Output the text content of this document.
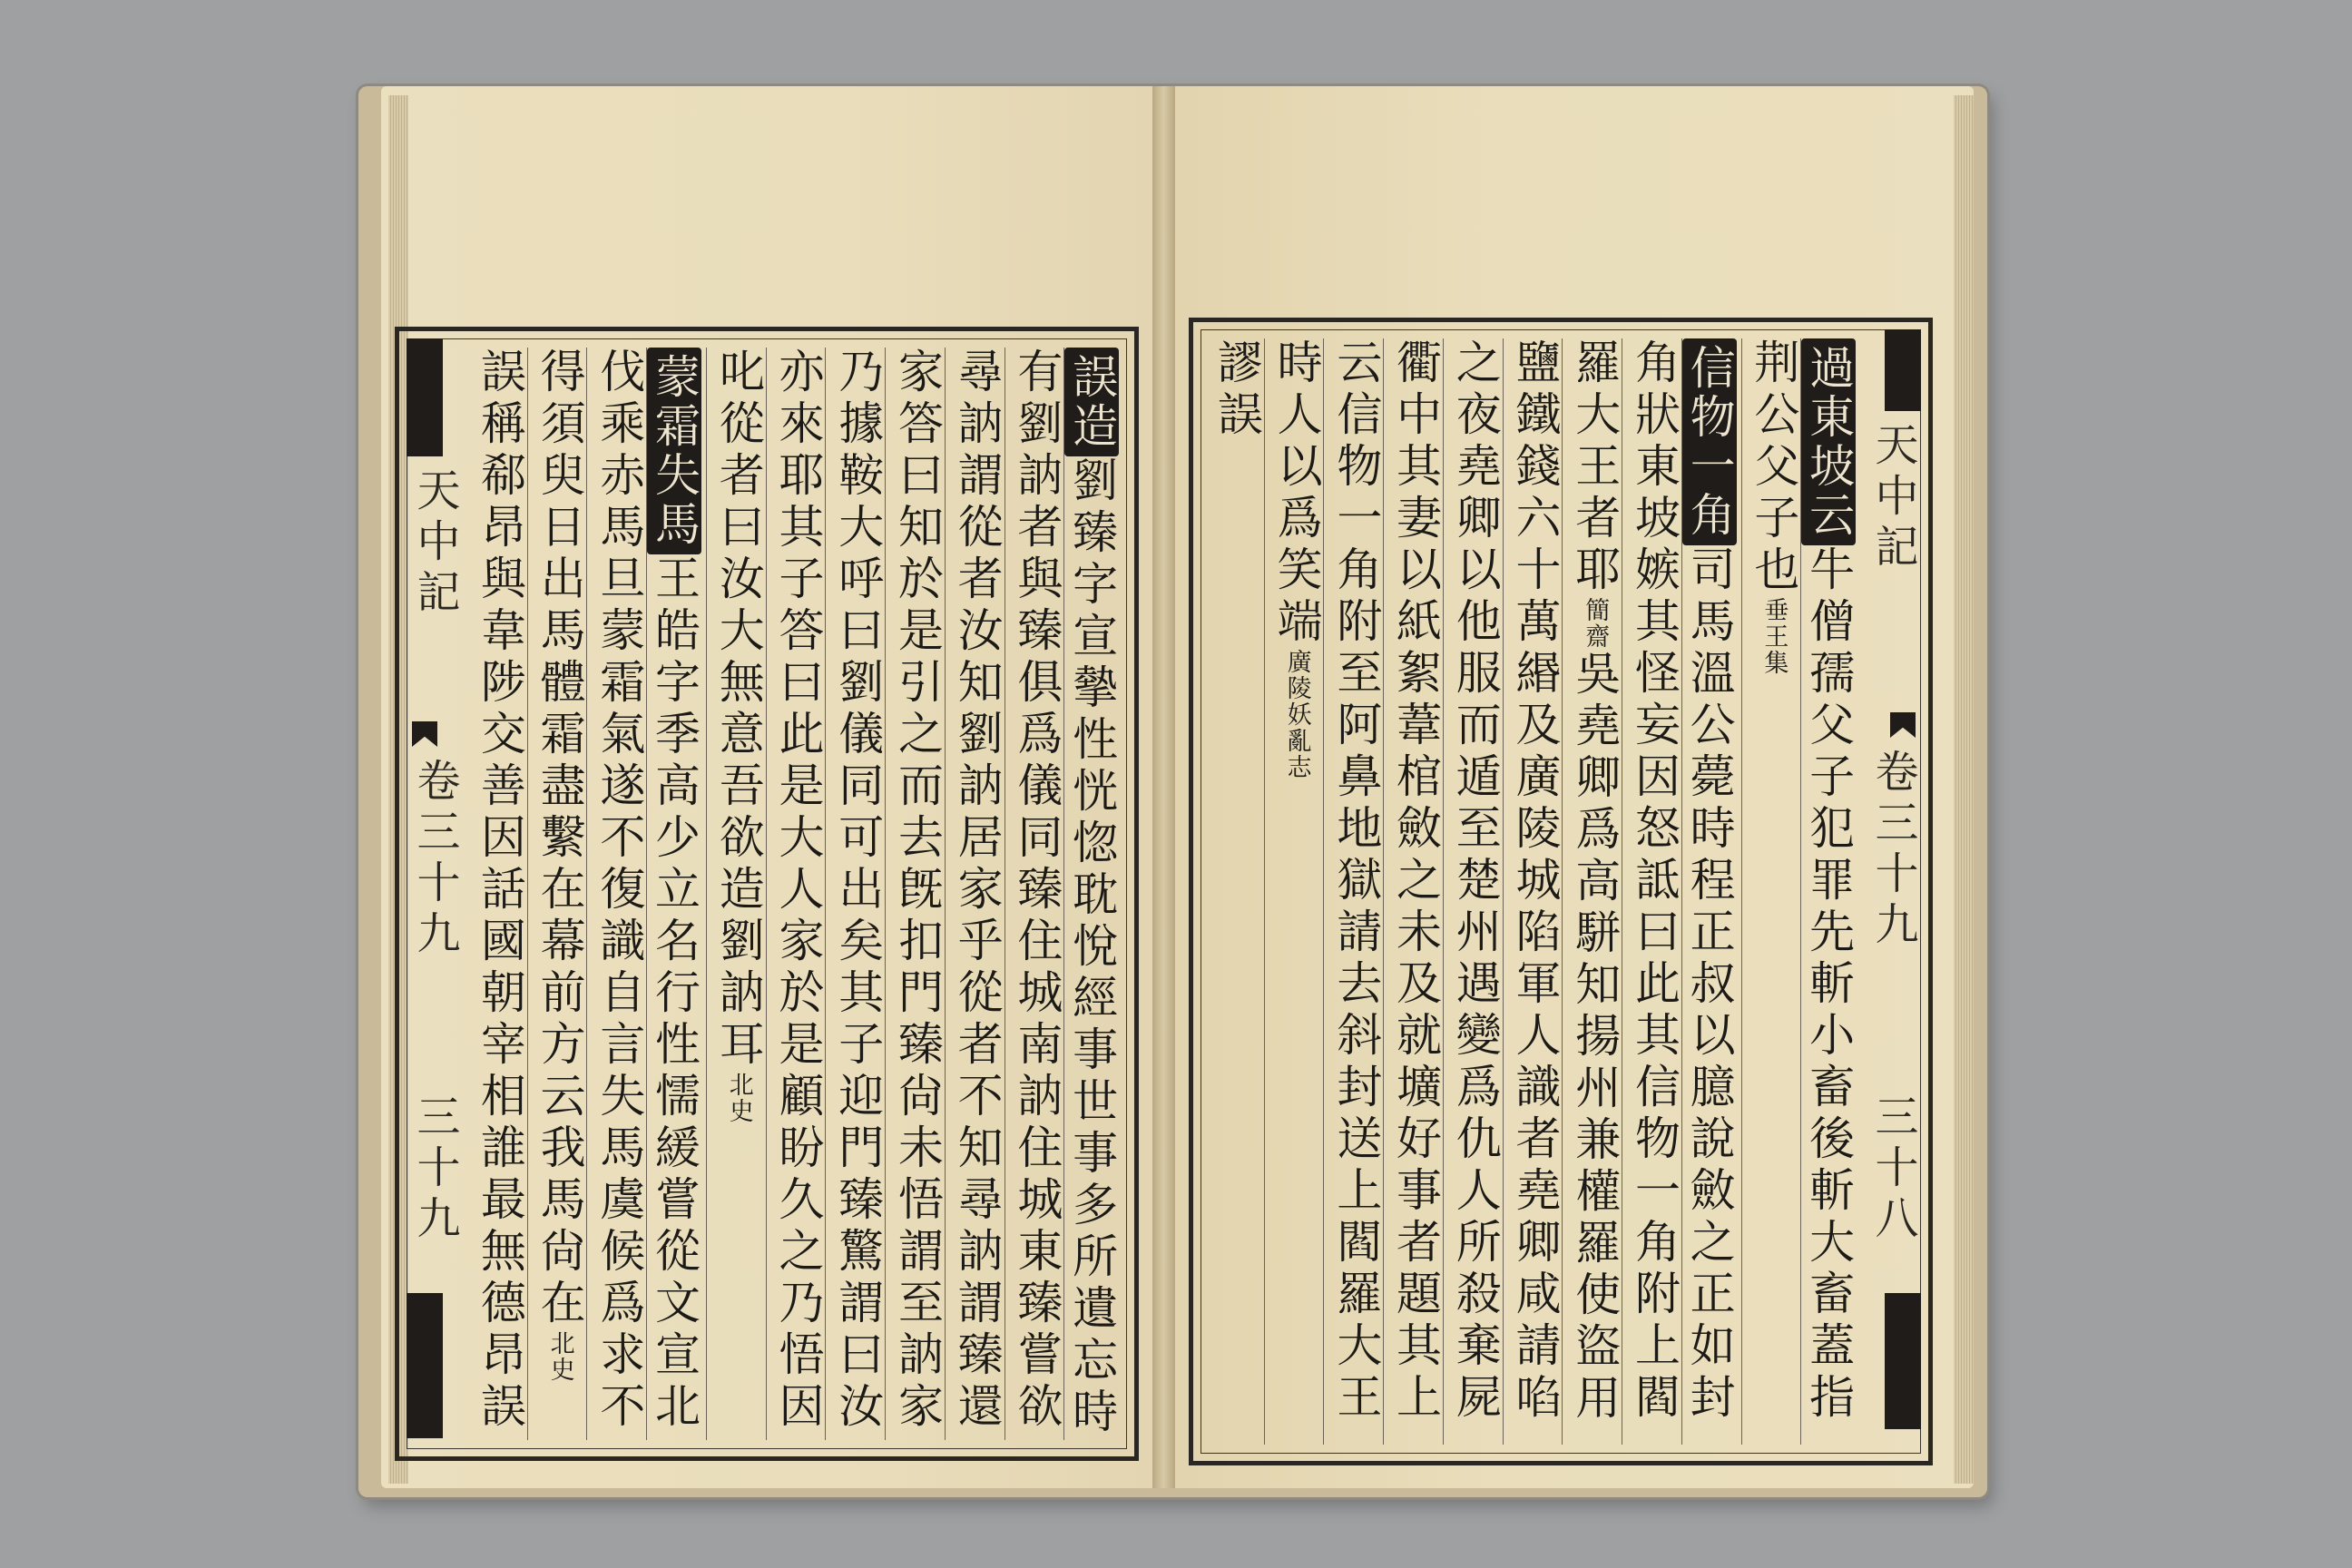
天中記
卷三十九
三十九
誤造劉臻字宣摰性恍惚耽悅經事世事多所遺忘時
有劉訥者與臻俱爲儀同臻住城南訥住城東臻嘗欲
尋訥謂從者汝知劉訥居家乎從者不知尋訥謂臻還
家答曰知於是引之而去旣扣門臻尙未悟謂至訥家
乃據鞍大呼曰劉儀同可出矣其子迎門臻驚謂曰汝
亦來耶其子答曰此是大人家於是顧盼久之乃悟因
叱從者曰汝大無意吾欲造劉訥耳北史
蒙霜失馬王皓字季高少立名行性懦緩嘗從文宣北
伐乘赤馬旦蒙霜氣遂不復識自言失馬虞候爲求不
得須臾日出馬體霜盡繫在幕前方云我馬尙在北史
誤稱郗昂與韋陟交善因話國朝宰相誰最無德昂誤	天中記
卷三十九
三十八
過東坡云牛僧孺父子犯罪先斬小畜後斬大畜蓋指
荆公父子也垂王集
信物一角司馬溫公薨時程正叔以臆說斂之正如封
角狀東坡嫉其怪妄因怒詆曰此其信物一角附上閻
羅大王者耶簡齋吳堯卿爲高駢知揚州兼權羅使盜用
鹽鐵錢六十萬緡及廣陵城陷軍人識者堯卿咸請啗
之夜堯卿以他服而遁至楚州遇變爲仇人所殺棄屍
衢中其妻以紙絮葦棺斂之未及就壙好事者題其上
云信物一角附至阿鼻地獄請去斜封送上閻羅大王
時人以爲笑端廣陵妖亂志
謬誤
